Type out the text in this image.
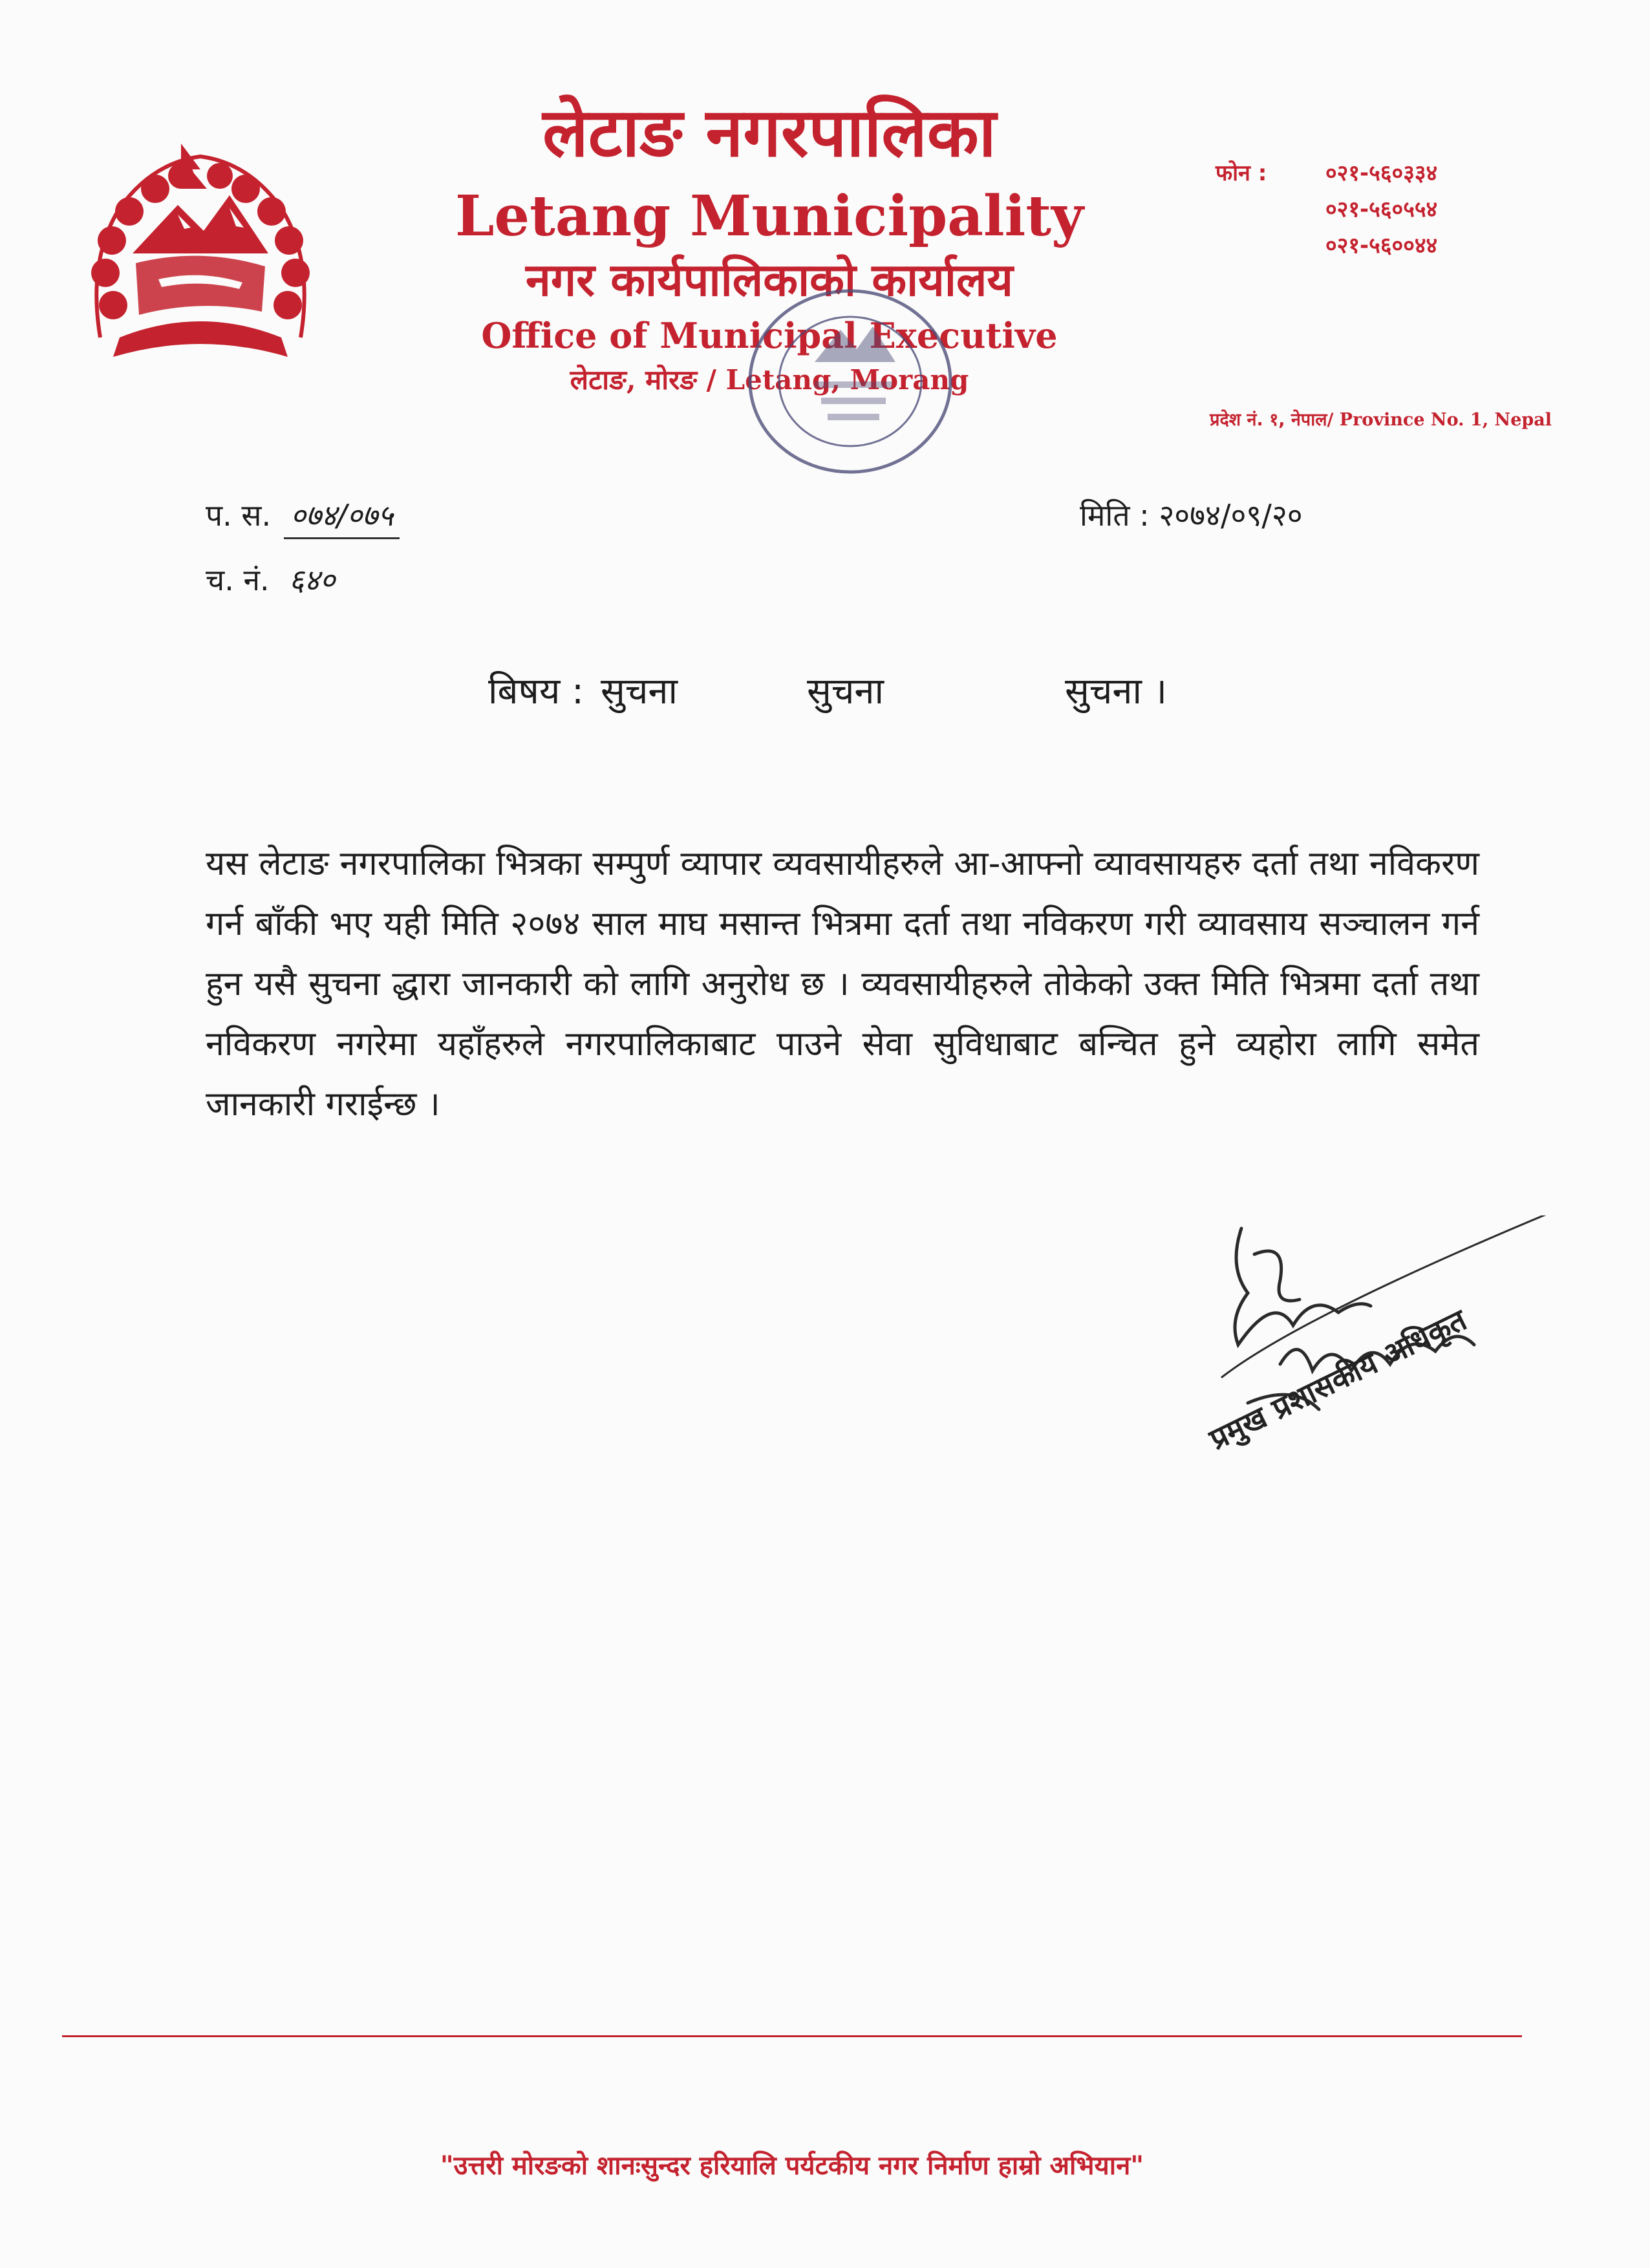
लेटाङ नगरपालिका
Letang Municipality
नगर कार्यपालिकाको कार्यालय
Office of Municipal Executive
लेटाङ, मोरङ / Letang, Morang
फोन :	०२१-५६०३३४
०२१-५६०५५४
०२१-५६००४४
प्रदेश नं. १, नेपाल/ Province No. 1, Nepal
प. स. ०७४/०७५
च. नं. ६४०
मिति : २०७४/०९/२०
बिषय : सुचना	सुचना	सुचना ।
यस लेटाङ नगरपालिका भित्रका सम्पुर्ण व्यापार व्यवसायीहरुले आ-आफ्नो व्यावसायहरु दर्ता तथा नविकरण गर्न बाँकी भए यही मिति २०७४ साल माघ मसान्त भित्रमा दर्ता तथा नविकरण गरी व्यावसाय सञ्चालन गर्न हुन यसै सुचना द्धारा जानकारी को लागि अनुरोध छ । व्यवसायीहरुले तोकेको उक्त मिति भित्रमा दर्ता तथा नविकरण नगरेमा यहाँहरुले नगरपालिकाबाट पाउने सेवा सुविधाबाट बन्चित हुने व्यहोरा लागि समेत जानकारी गराईन्छ ।
प्रमुख प्रशासकीय अधिकृत
"उत्तरी मोरङको शानःसुन्दर हरियालि पर्यटकीय नगर निर्माण हाम्रो अभियान"
